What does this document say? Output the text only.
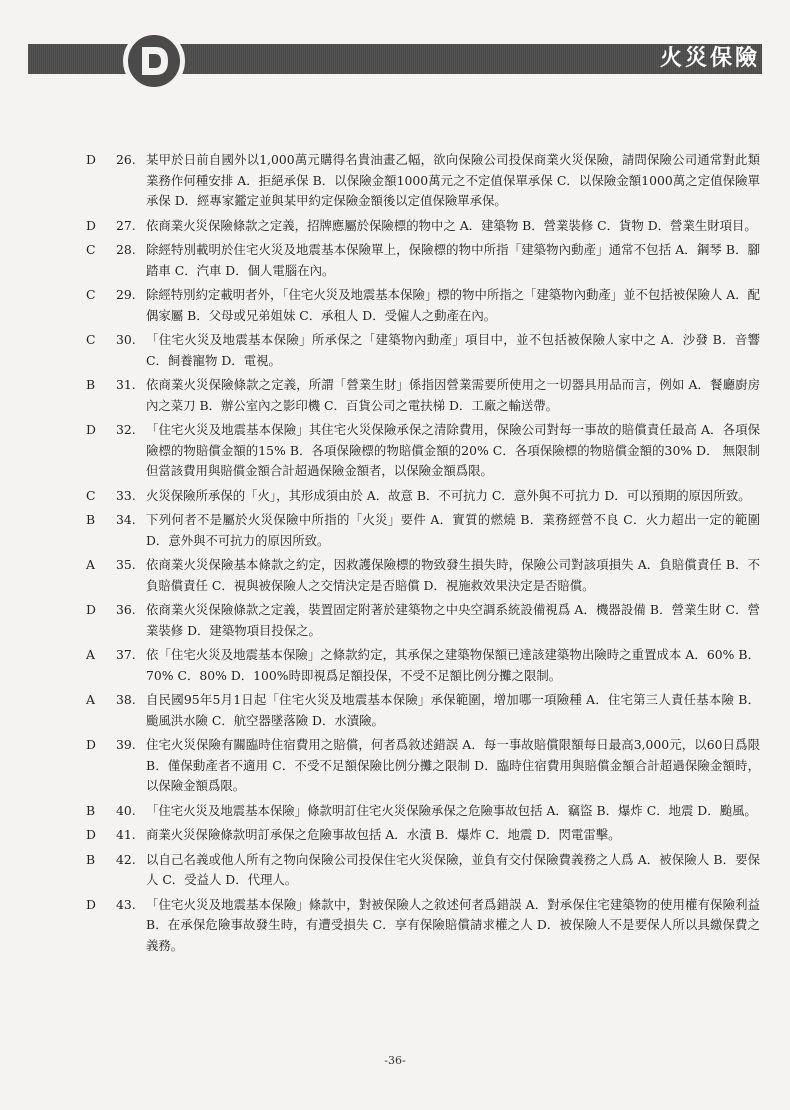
火災保險
D	26. 某甲於日前自國外以1,000萬元購得名貴油畫乙幅，欲向保險公司投保商業火災保險，請問保險公司通常對此類業務作何種安排 A．拒絕承保 B．以保險金額1000萬元之不定值保單承保 C．以保險金額1000萬之定值保險單承保 D．經專家鑑定並與某甲約定保險金額後以定值保險單承保。
D	27. 依商業火災保險條款之定義，招牌應屬於保險標的物中之 A．建築物 B．營業裝修 C．貨物 D．營業生財項目。
C	28. 除經特別載明於住宅火災及地震基本保險單上，保險標的物中所指「建築物內動產」通常不包括 A．鋼琴 B．腳踏車 C．汽車 D．個人電腦在內。
C	29. 除經特別約定載明者外，「住宅火災及地震基本保險」標的物中所指之「建築物內動產」並不包括被保險人 A．配偶家屬 B．父母或兄弟姐妹 C．承租人 D．受僱人之動產在內。
C	30. 「住宅火災及地震基本保險」所承保之「建築物內動產」項目中，並不包括被保險人家中之 A．沙發 B．音響 C．飼養寵物 D．電視。
B	31. 依商業火災保險條款之定義，所謂「營業生財」係指因營業需要所使用之一切器具用品而言，例如 A．餐廳廚房內之菜刀 B．辦公室內之影印機 C．百貨公司之電扶梯 D．工廠之輸送帶。
D	32. 「住宅火災及地震基本保險」其住宅火災保險承保之清除費用，保險公司對每一事故的賠償責任最高 A．各項保險標的物賠償金額的15% B．各項保險標的物賠償金額的20% C．各項保險標的物賠償金額的30% D． 無限制但當該費用與賠償金額合計超過保險金額者，以保險金額爲限。
C	33. 火災保險所承保的「火」，其形成須由於 A．故意 B．不可抗力 C．意外與不可抗力 D．可以預期的原因所致。
B	34. 下列何者不是屬於火災保險中所指的「火災」要件 A．實質的燃燒 B．業務經營不良 C．火力超出一定的範圍 D．意外與不可抗力的原因所致。
A	35. 依商業火災保險基本條款之約定，因救護保險標的物致發生損失時，保險公司對該項損失 A．負賠償責任 B．不負賠償責任 C．視與被保險人之交情決定是否賠償 D．視施救效果決定是否賠償。
D	36. 依商業火災保險條款之定義，裝置固定附著於建築物之中央空調系統設備視爲 A．機器設備 B．營業生財 C．營業裝修 D．建築物項目投保之。
A	37. 依「住宅火災及地震基本保險」之條款約定，其承保之建築物保額已達該建築物出險時之重置成本 A．60% B．70% C．80% D．100%時即視爲足額投保，不受不足額比例分攤之限制。
A	38. 自民國95年5月1日起「住宅火災及地震基本保險」承保範圍，增加哪一項險種 A．住宅第三人責任基本險 B．颱風洪水險 C．航空器墜落險 D．水漬險。
D	39. 住宅火災保險有關臨時住宿費用之賠償，何者爲敘述錯誤 A．每一事故賠償限額每日最高3,000元，以60日爲限 B．僅保動產者不適用 C．不受不足額保險比例分攤之限制 D．臨時住宿費用與賠償金額合計超過保險金額時，以保險金額爲限。
B	40. 「住宅火災及地震基本保險」條款明訂住宅火災保險承保之危險事故包括 A．竊盜 B．爆炸 C．地震 D．颱風。
D	41. 商業火災保險條款明訂承保之危險事故包括 A．水漬 B．爆炸 C．地震 D．閃電雷擊。
B	42. 以自己名義或他人所有之物向保險公司投保住宅火災保險，並負有交付保險費義務之人爲 A．被保險人 B．要保人 C．受益人 D．代理人。
D	43. 「住宅火災及地震基本保險」條款中，對被保險人之敘述何者爲錯誤 A．對承保住宅建築物的使用權有保險利益 B．在承保危險事故發生時，有遭受損失 C．享有保險賠償請求權之人 D．被保險人不是要保人所以具繳保費之義務。
-36-
